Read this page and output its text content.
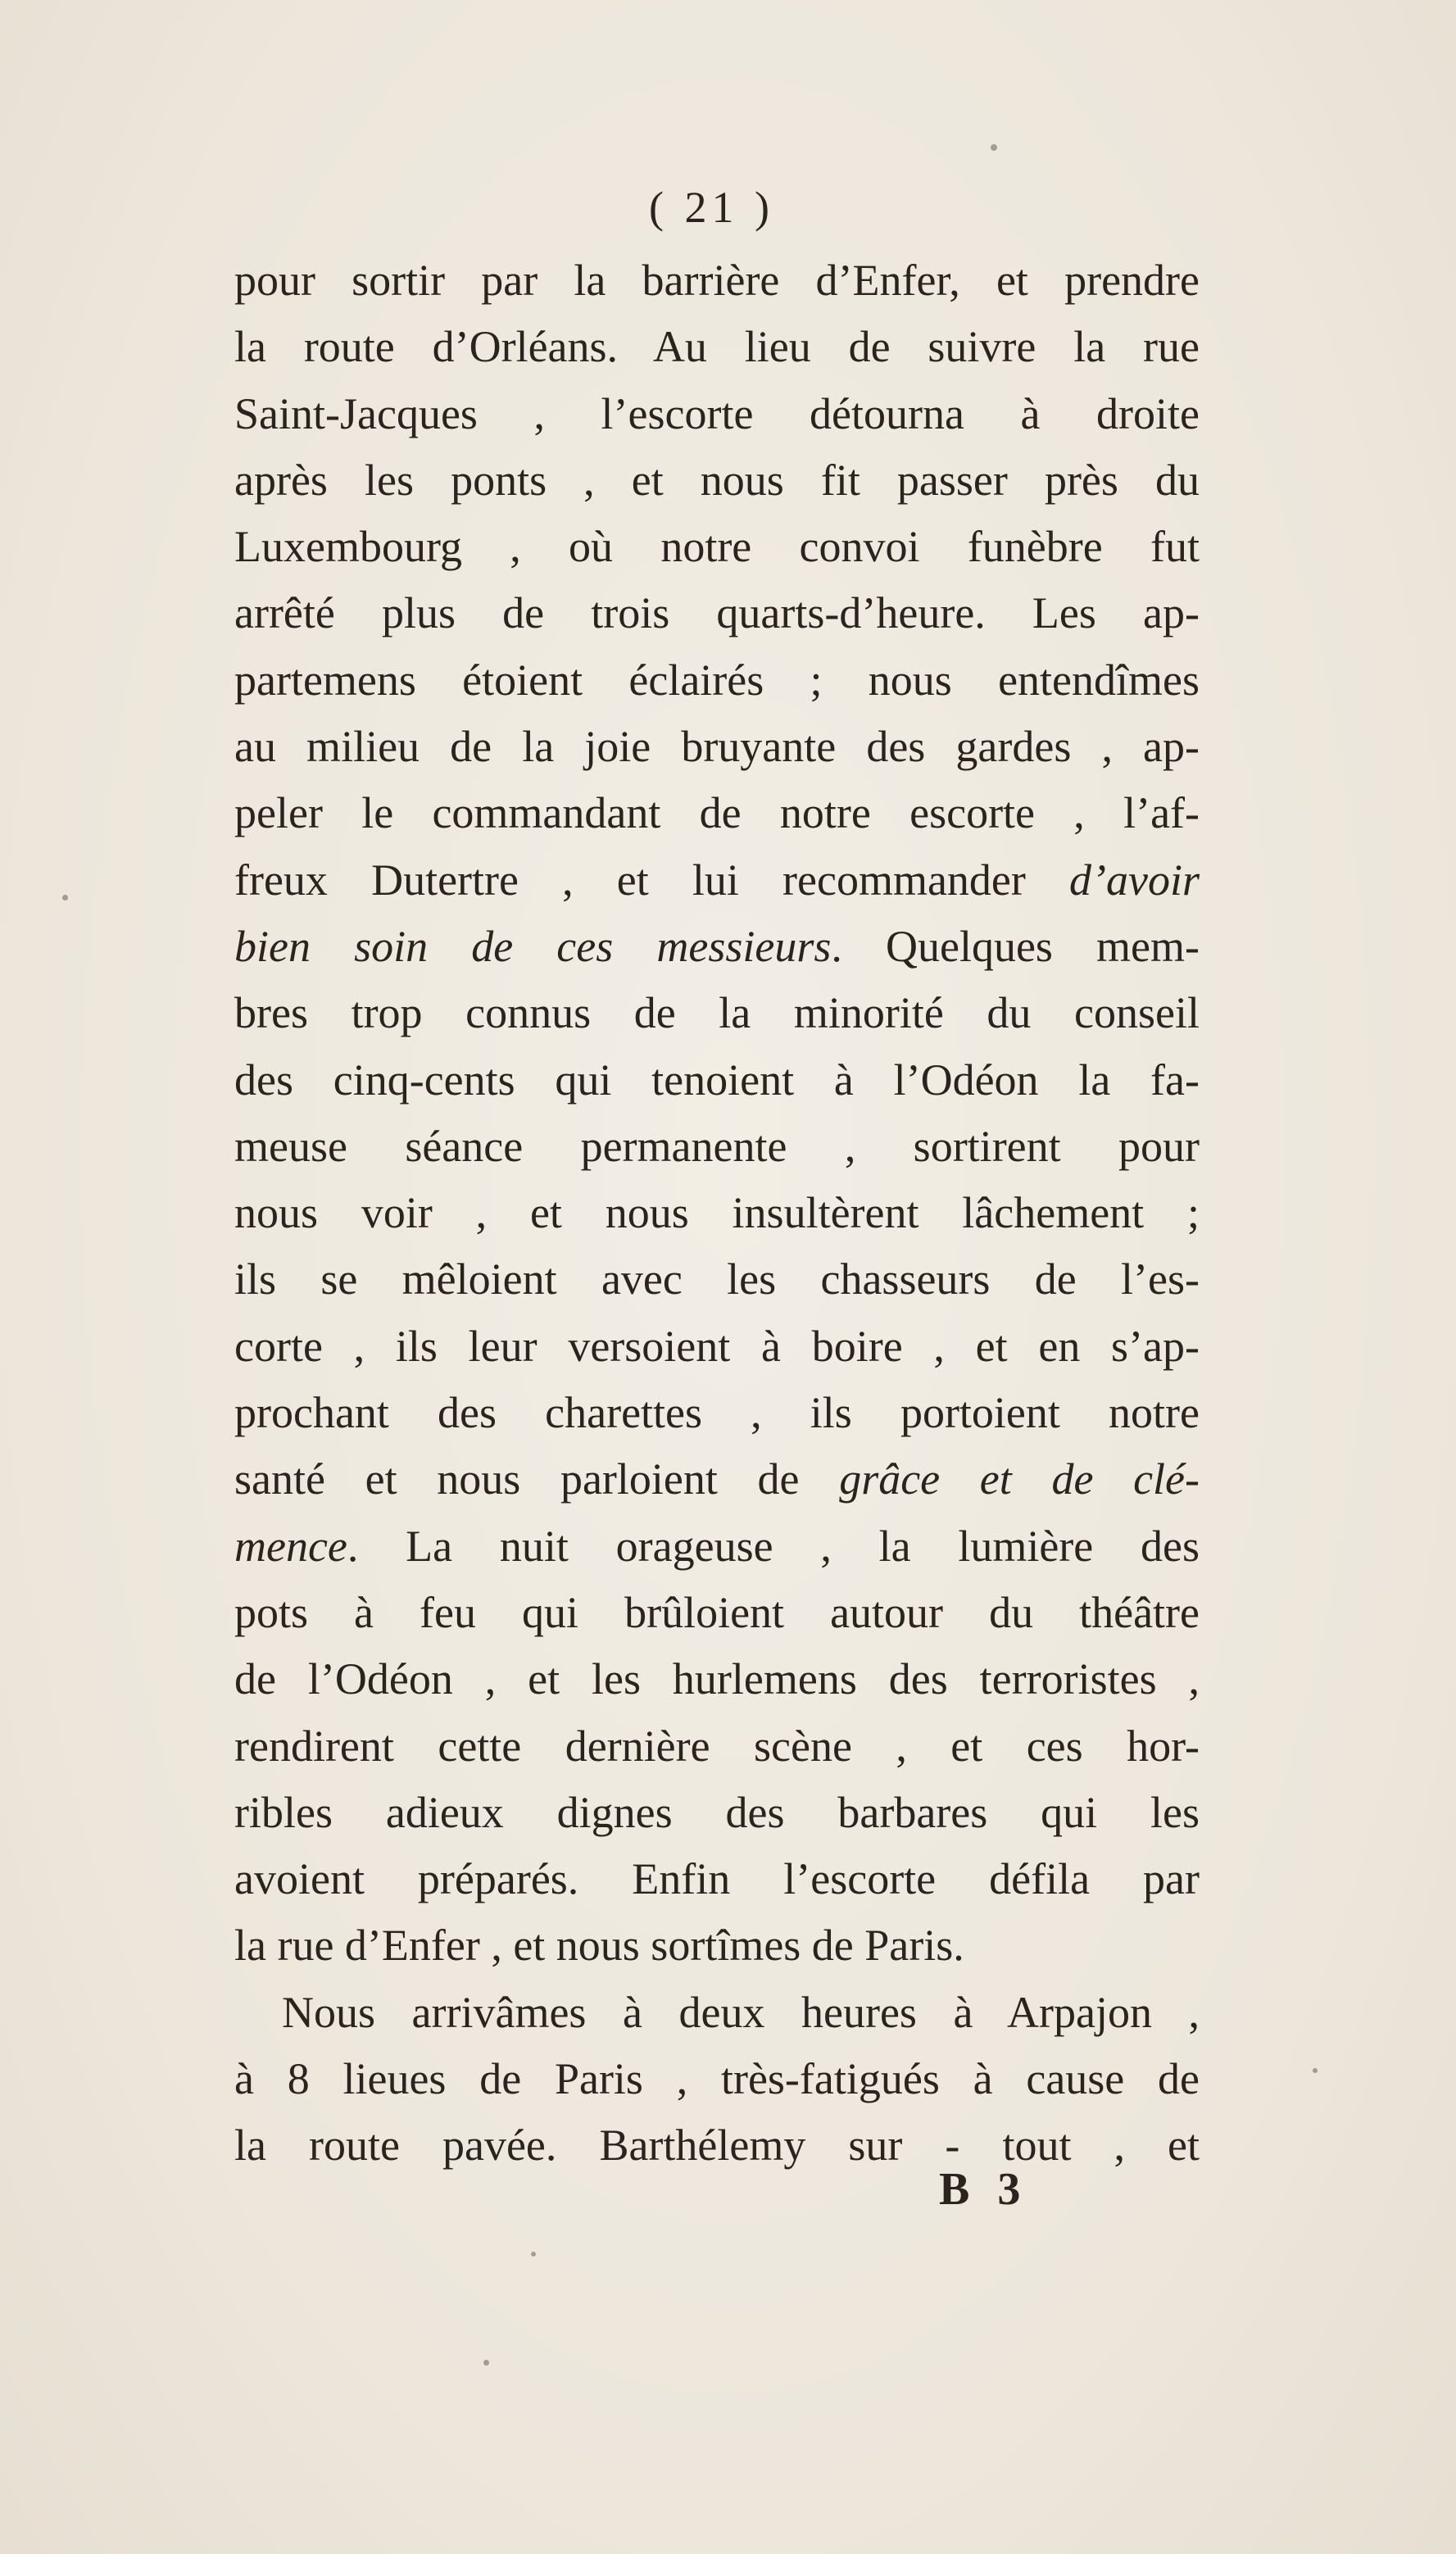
( 21 )
pour sortir par la barrière d’Enfer, et prendre
la route d’Orléans. Au lieu de suivre la rue
Saint-Jacques , l’escorte détourna à droite
après les ponts , et nous fit passer près du
Luxembourg , où notre convoi funèbre fut
arrêté plus de trois quarts-d’heure. Les ap-
partemens étoient éclairés ; nous entendîmes
au milieu de la joie bruyante des gardes , ap-
peler le commandant de notre escorte , l’af-
freux Dutertre , et lui recommander d’avoir
bien soin de ces messieurs. Quelques mem-
bres trop connus de la minorité du conseil
des cinq-cents qui tenoient à l’Odéon la fa-
meuse séance permanente , sortirent pour
nous voir , et nous insultèrent lâchement ;
ils se mêloient avec les chasseurs de l’es-
corte , ils leur versoient à boire , et en s’ap-
prochant des charettes , ils portoient notre
santé et nous parloient de grâce et de clé-
mence. La nuit orageuse , la lumière des
pots à feu qui brûloient autour du théâtre
de l’Odéon , et les hurlemens des terroristes ,
rendirent cette dernière scène , et ces hor-
ribles adieux dignes des barbares qui les
avoient préparés. Enfin l’escorte défila par
la rue d’Enfer , et nous sortîmes de Paris.
Nous arrivâmes à deux heures à Arpajon ,
à 8 lieues de Paris , très-fatigués à cause de
la route pavée. Barthélemy sur - tout , et
B 3
